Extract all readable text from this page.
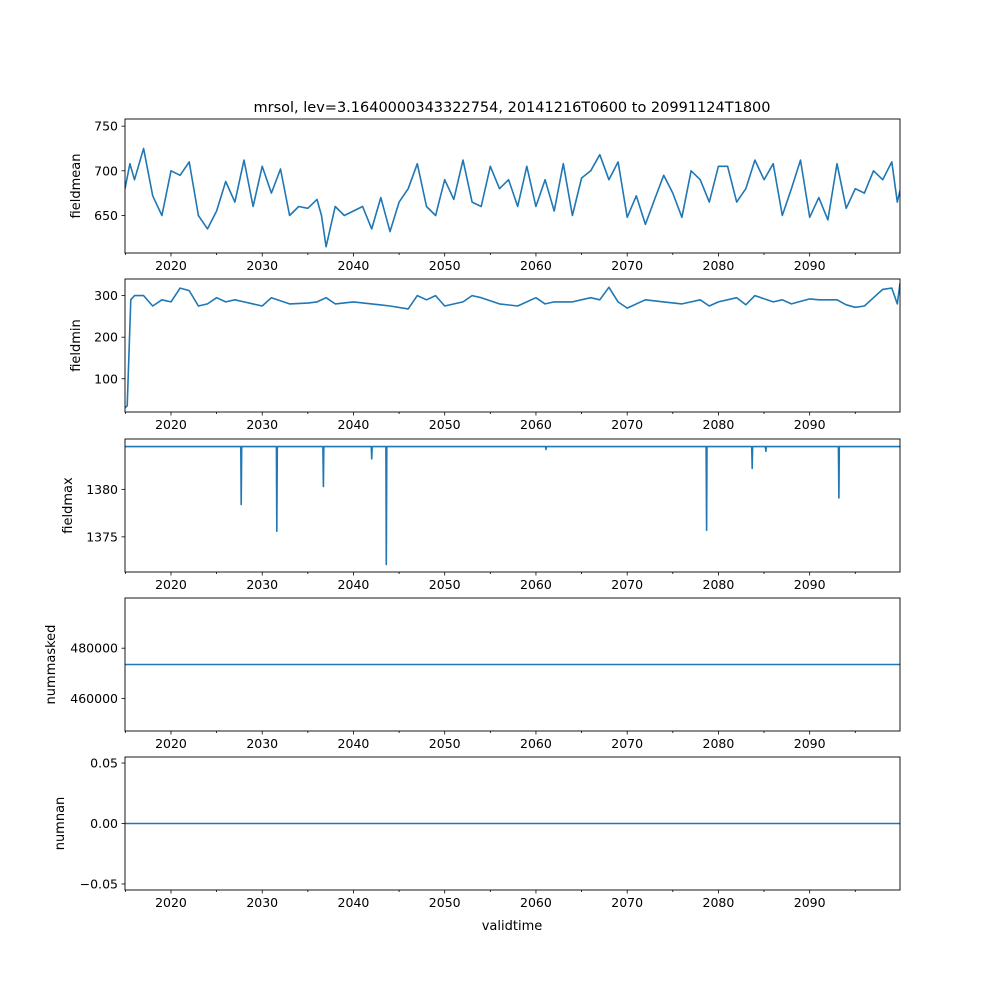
mrsol, lev=3.1640000343322754, 20141216T0600 to 20991124T1800
validtime
2020	2030	2040	2050	2060	2070	2080	2090
650
700
750
fieldmean
2020	2030	2040	2050	2060	2070	2080	2090
100
200
300
fieldmin
2020	2030	2040	2050	2060	2070	2080	2090
1375
1380
fieldmax
2020	2030	2040	2050	2060	2070	2080	2090
460000
480000
nummasked
2020	2030	2040	2050	2060	2070	2080	2090
−0.05
0.00
0.05
numnan
